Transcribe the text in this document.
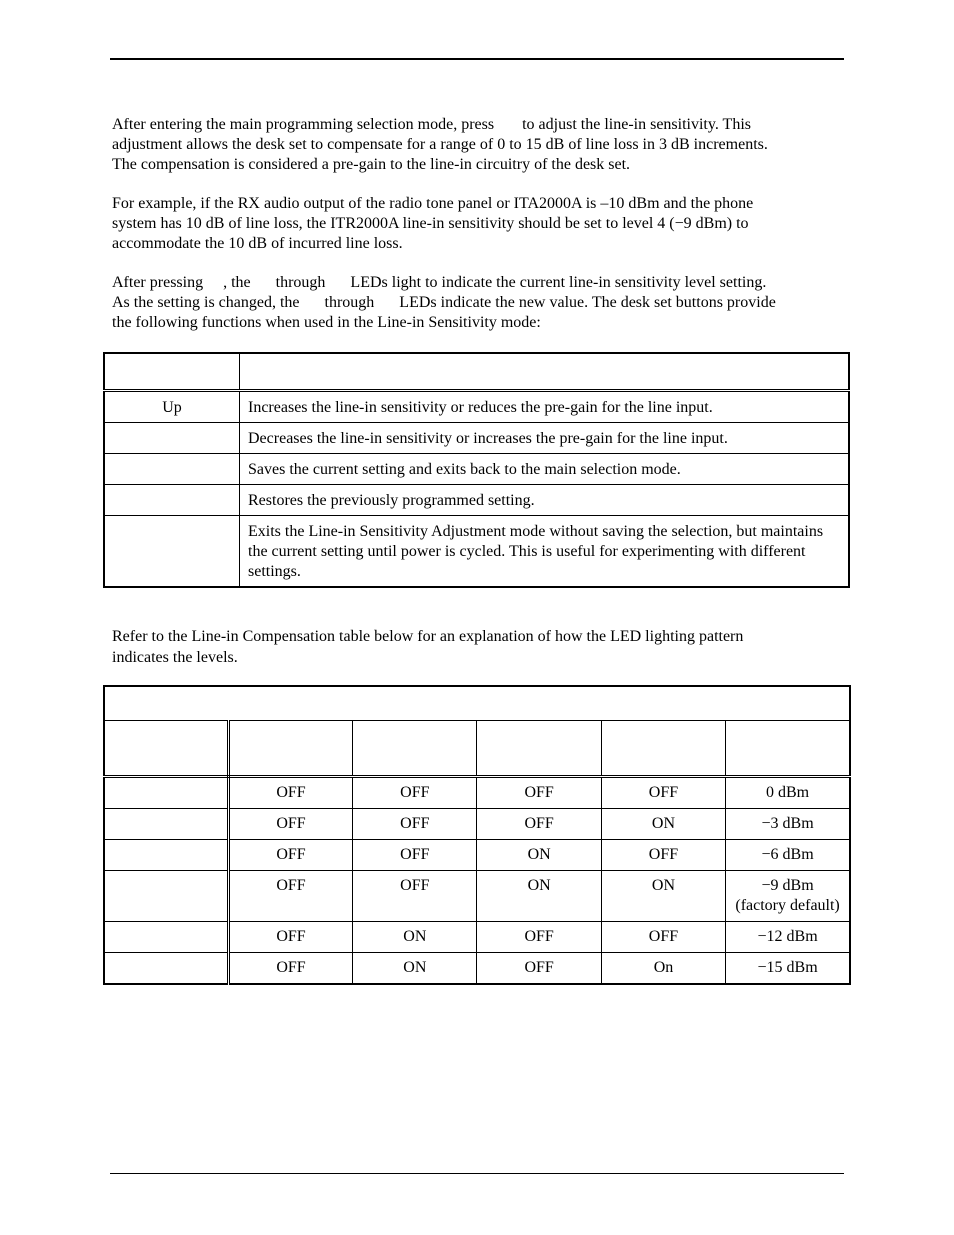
After entering the main programming selection mode, press to adjust the line-in sensitivity. This
adjustment allows the desk set to compensate for a range of 0 to 15 dB of line loss in 3 dB increments.
The compensation is considered a pre-gain to the line-in circuitry of the desk set.

For example, if the RX audio output of the radio tone panel or ITA2000A is –10 dBm and the phone
system has 10 dB of line loss, the ITR2000A line-in sensitivity should be set to level 4 (−9 dBm) to
accommodate the 10 dB of incurred line loss.

After pressing , the through LEDs light to indicate the current line-in sensitivity level setting.
As the setting is changed, the through LEDs indicate the new value. The desk set buttons provide
the following functions when used in the Line-in Sensitivity mode:

Up	Increases the line-in sensitivity or reduces the pre-gain for the line input.
	Decreases the line-in sensitivity or increases the pre-gain for the line input.
	Saves the current setting and exits back to the main selection mode.
	Restores the previously programmed setting.
	Exits the Line-in Sensitivity Adjustment mode without saving the selection, but maintains the current setting until power is cycled. This is useful for experimenting with different settings.

Refer to the Line-in Compensation table below for an explanation of how the LED lighting pattern
indicates the levels.

	OFF	OFF	OFF	OFF	0 dBm
	OFF	OFF	OFF	ON	−3 dBm
	OFF	OFF	ON	OFF	−6 dBm
	OFF	OFF	ON	ON	−9 dBm
(factory default)
	OFF	ON	OFF	OFF	−12 dBm
	OFF	ON	OFF	On	−15 dBm
